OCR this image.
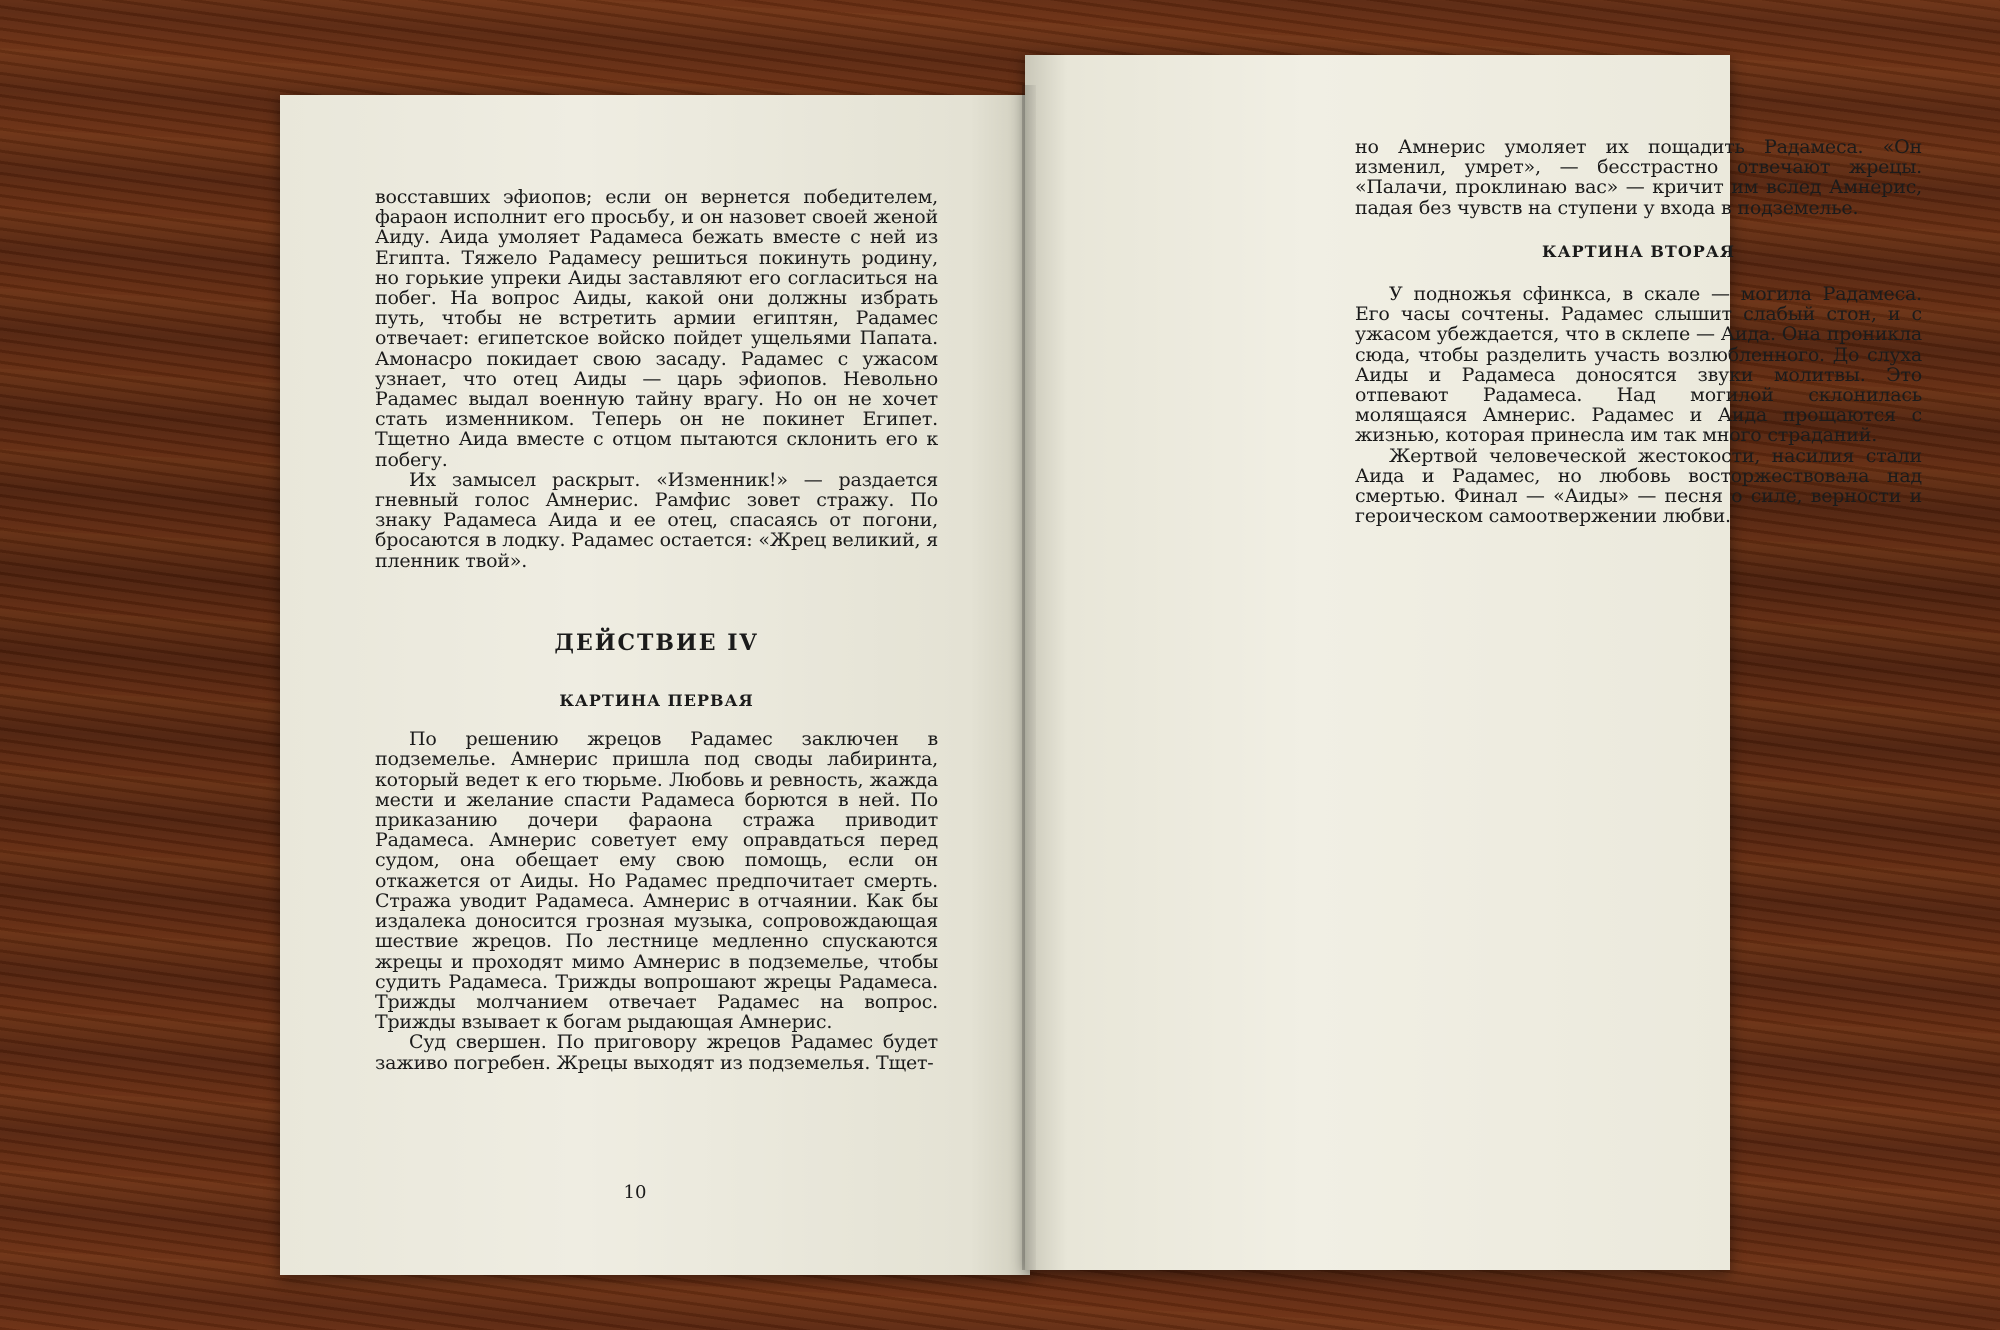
восставших эфиопов; если он вернется победителем, фараон исполнит его просьбу, и он назовет своей женой Аиду. Аида умоляет Радамеса бежать вместе с ней из Египта. Тяжело Радамесу решиться покинуть родину, но горькие упреки Аиды заставляют его согласиться на побег. На вопрос Аиды, какой они должны избрать путь, чтобы не встретить армии египтян, Радамес отвечает: египетское войско пойдет ущельями Папата. Амонасро покидает свою засаду. Радамес с ужасом узнает, что отец Аиды — царь эфиопов. Невольно Радамес выдал военную тайну врагу. Но он не хочет стать изменником. Теперь он не покинет Египет. Тщетно Аида вместе с отцом пытаются склонить его к побегу.

Их замысел раскрыт. «Изменник!» — раздается гневный голос Амнерис. Рамфис зовет стражу. По знаку Радамеса Аида и ее отец, спасаясь от погони, бросаются в лодку. Радамес остается: «Жрец великий, я пленник твой».

ДЕЙСТВИЕ IV
КАРТИНА ПЕРВАЯ

По решению жрецов Радамес заключен в подземелье. Амнерис пришла под своды лабиринта, который ведет к его тюрьме. Любовь и ревность, жажда мести и желание спасти Радамеса борются в ней. По приказанию дочери фараона стража приводит Радамеса. Амнерис советует ему оправдаться перед судом, она обещает ему свою помощь, если он откажется от Аиды. Но Радамес предпочитает смерть. Стража уводит Радамеса. Амнерис в отчаянии. Как бы издалека доносится грозная музыка, сопровождающая шествие жрецов. По лестнице медленно спускаются жрецы и проходят мимо Амнерис в подземелье, чтобы судить Радамеса. Трижды вопрошают жрецы Радамеса. Трижды молчанием отвечает Радамес на вопрос. Трижды взывает к богам рыдающая Амнерис.

Суд свершен. По приговору жрецов Радамес будет заживо погребен. Жрецы выходят из подземелья. Тщет-

10

но Амнерис умоляет их пощадить Радамеса. «Он изменил, умрет», — бесстрастно отвечают жрецы. «Палачи, проклинаю вас» — кричит им вслед Амнерис, падая без чувств на ступени у входа в подземелье.

КАРТИНА ВТОРАЯ

У подножья сфинкса, в скале — могила Радамеса. Его часы сочтены. Радамес слышит слабый стон, и с ужасом убеждается, что в склепе — Аида. Она проникла сюда, чтобы разделить участь возлюбленного. До слуха Аиды и Радамеса доносятся звуки молитвы. Это отпевают Радамеса. Над могилой склонилась молящаяся Амнерис. Радамес и Аида прощаются с жизнью, которая принесла им так много страданий.

Жертвой человеческой жестокости, насилия стали Аида и Радамес, но любовь восторжествовала над смертью. Финал — «Аиды» — песня о силе, верности и героическом самоотвержении любви.
